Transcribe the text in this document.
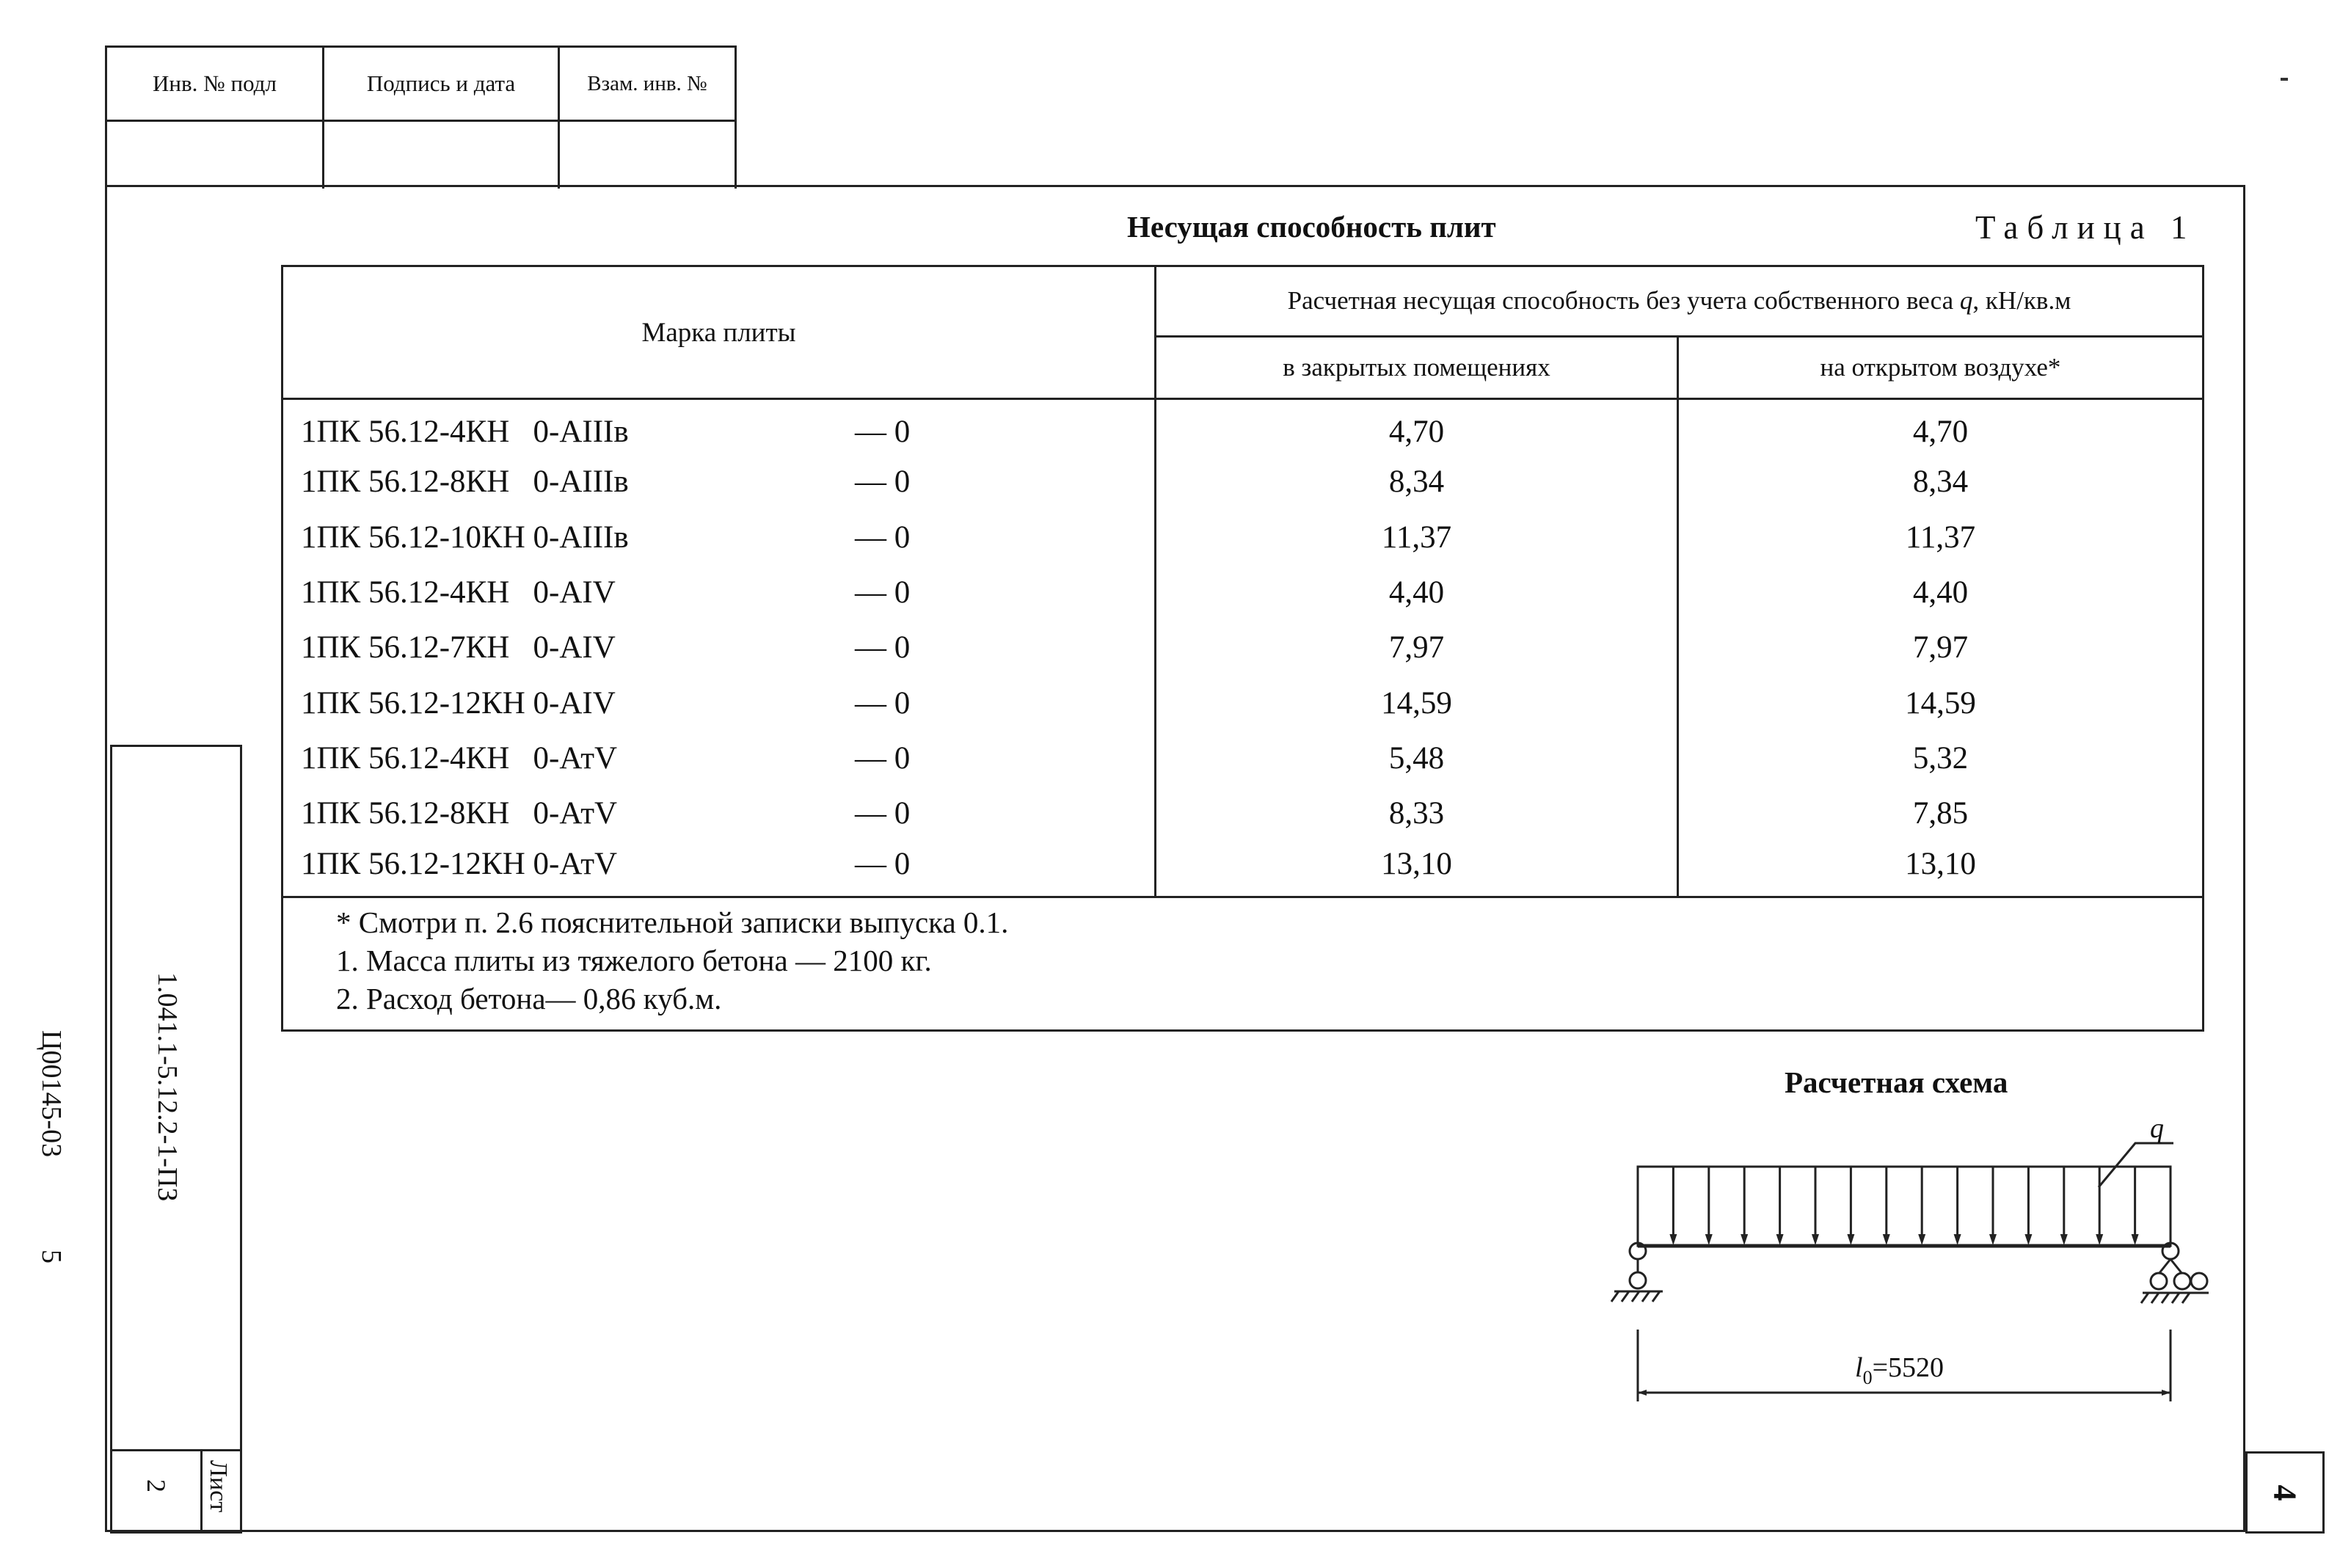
Инв. № подл	Подпись и дата	Взам. инв. №
Несущая способность плит	Таблица 1
Марка плиты	Расчетная несущая способность без учета собственного веса q, кН/кв.м	
	в закрытых помещениях	на открытом воздухе*
1ПК 56.12-4КН   0-АIIIв — 0	4,70	4,70
1ПК 56.12-8КН   0-АIIIв — 0	8,34	8,34
1ПК 56.12-10КН 0-АIIIв — 0	11,37	11,37
1ПК 56.12-4КН   0-АIV — 0	4,40	4,40
1ПК 56.12-7КН   0-АIV — 0	7,97	7,97
1ПК 56.12-12КН 0-АIV — 0	14,59	14,59
1ПК 56.12-4КН   0-АтV — 0	5,48	5,32
1ПК 56.12-8КН   0-АтV — 0	8,33	7,85
1ПК 56.12-12КН 0-АтV — 0	13,10	13,10

* Смотри п. 2.6 пояснительной записки выпуска 0.1.
1. Масса плиты из тяжелого бетона — 2100 кг.
2. Расход бетона— 0,86 куб.м.		
Расчетная схема
q
$l_0=5520$
1.041.1-5.12.2-1-ПЗ
Ц00145-03
5
Лист
2	4
